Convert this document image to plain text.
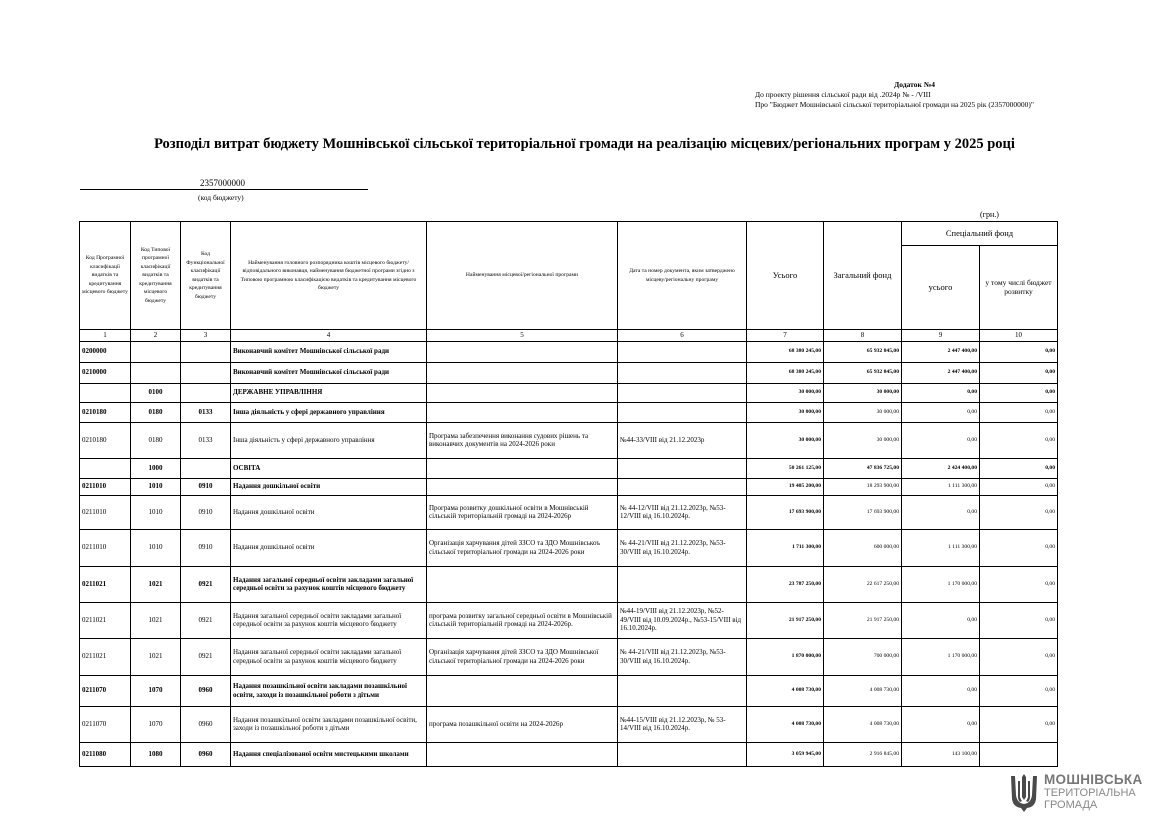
Додаток №4
До проекту рішення сільської ради від .2024р № - /VIII
Про "Бюджет Мошнівської сільської територіальної громади на 2025 рік (2357000000)"
Розподіл витрат бюджету Мошнівської сільської територіальної громади на реалізацію місцевих/регіональних програм у 2025 році
2357000000
(код бюджету)
(грн.)
Код Програмної класифікації видатків та кредитування місцевого бюджету	Код Типової програмної класифікації видатків та кредитування місцевого бюджету	Код Функціональної класифікації видатків та кредитування бюджету	Найменування головного розпорядника коштів місцевого бюджету/ відповідального виконавця, найменування бюджетної програми згідно з Типовою програмною класифікацією видатків та кредитування місцевого бюджету	Найменування місцевої/регіональної програми	Дата та номер документа, яким затверджено місцеву/регіональну програму	Усього	Загальний фонд	Спеціальний фонд	
								усього	у тому числі бюджет розвитку
1	2	3	4	5	6	7	8	9	10
0200000			Виконавчий комітет Мошнівської сільської ради			68 380 245,00	65 932 845,00	2 447 400,00	0,00
0210000			Виконавчий комітет Мошнівської сільської ради			68 380 245,00	65 932 845,00	2 447 400,00	0,00
	0100		ДЕРЖАВНЕ УПРАВЛІННЯ			30 000,00	30 000,00	0,00	0,00
0210180	0180	0133	Інша діяльність у сфері державного управління			30 000,00	30 000,00	0,00	0,00
0210180	0180	0133	Інша діяльність у сфері державного управління	Програма забезпечення виконання судових рішень та виконавчих документів на 2024-2026 роки	№44-33/VIII від 21.12.2023р	30 000,00	30 000,00	0,00	0,00
	1000		ОСВІТА			50 261 125,00	47 836 725,00	2 424 400,00	0,00
0211010	1010	0910	Надання дошкільної освіти			19 405 200,00	18 293 900,00	1 111 300,00	0,00
0211010	1010	0910	Надання дошкільної освіти	Програма розвитку дошкільної освіти в Мошнівській сільській територіальній громаді на 2024-2026р	№ 44-12/VIII від 21.12.2023р, №53-12/VIII від 16.10.2024р.	17 693 900,00	17 693 900,00	0,00	0,00
0211010	1010	0910	Надання дошкільної освіти	Організація харчування дітей ЗЗСО та ЗДО Мошнівськоъ сільської територіальної громади на 2024-2026 роки	№ 44-21/VIII від 21.12.2023р, №53-30/VIII від 16.10.2024р.	1 711 300,00	600 000,00	1 111 300,00	0,00
0211021	1021	0921	Надання загальної середньої освіти закладами загальної середньої освіти за рахунок коштів місцевого бюджету			23 787 250,00	22 617 250,00	1 170 000,00	0,00
0211021	1021	0921	Надання загальної середньої освіти закладами загальної середньої освіти за рахунок коштів місцевого бюджету	програма розвитку загальної середньої освіти в Мошнівській сільській територіальній громаді на 2024-2026р.	№44-19/VIII від 21.12.2023р, №52-49/VIII від 10.09.2024р., №53-15/VIII від 16.10.2024р.	21 917 250,00	21 917 250,00	0,00	0,00
0211021	1021	0921	Надання загальної середньої освіти закладами загальної середньої освіти за рахунок коштів місцевого бюджету	Організація харчування дітей ЗЗСО та ЗДО Мошнівської сільської територіальної громади на 2024-2026 роки	№ 44-21/VIII від 21.12.2023р, №53-30/VIII від 16.10.2024р.	1 870 000,00	700 000,00	1 170 000,00	0,00
0211070	1070	0960	Надання позашкільної освіти закладами позашкільної освіти, заходи із позашкільної роботи з дітьми			4 008 730,00	4 008 730,00	0,00	0,00
0211070	1070	0960	Надання позашкільної освіти закладами позашкільної освіти, заходи із позашкільної роботи з дітьми	програма позашкільної освіти на 2024-2026р	№44-15/VIII від 21.12.2023р, № 53-14/VIII від 16.10.2024р.	4 008 730,00	4 008 730,00	0,00	0,00
0211080	1080	0960	Надання спеціалізованої освіти мистецькими школами			3 059 945,00	2 916 845,00	143 100,00	
МОШНІВСЬКА
ТЕРИТОРІАЛЬНА
ГРОМАДА
